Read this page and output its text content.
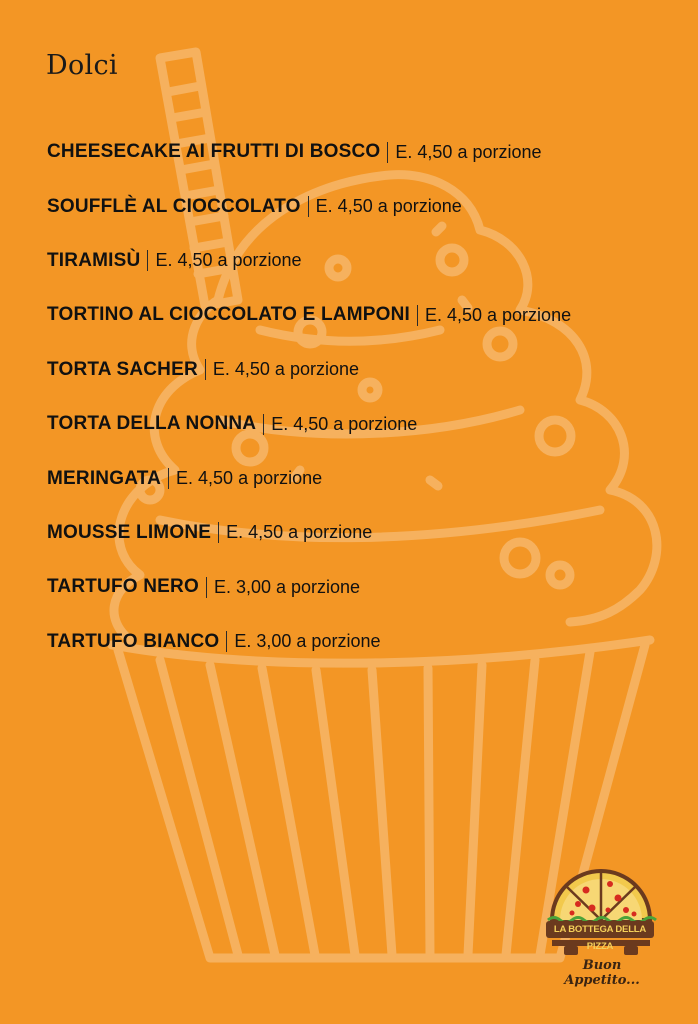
Dolci
CHEESECAKE AI FRUTTI DI BOSCO E. 4,50 a porzione
SOUFFLÈ AL CIOCCOLATO E. 4,50 a porzione
TIRAMISÙ E. 4,50 a porzione
TORTINO AL CIOCCOLATO E LAMPONI E. 4,50 a porzione
TORTA SACHER E. 4,50 a porzione
TORTA DELLA NONNA E. 4,50 a porzione
MERINGATA E. 4,50 a porzione
MOUSSE LIMONE E. 4,50 a porzione
TARTUFO NERO E. 3,00 a porzione
TARTUFO BIANCO E. 3,00 a porzione
LA BOTTEGA DELLA PIZZA
Buon Appetito...
